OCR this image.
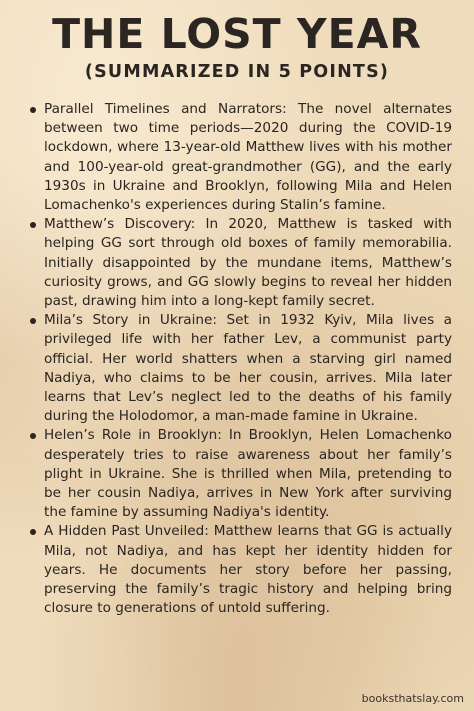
THE LOST YEAR
(SUMMARIZED IN 5 POINTS)
Parallel Timelines and Narrators: The novel alternates between two time periods—2020 during the COVID-19 lockdown, where 13-year-old Matthew lives with his mother and 100-year-old great-grandmother (GG), and the early 1930s in Ukraine and Brooklyn, following Mila and Helen Lomachenko's experiences during Stalin’s famine.
Matthew’s Discovery: In 2020, Matthew is tasked with helping GG sort through old boxes of family memorabilia. Initially disappointed by the mundane items, Matthew’s curiosity grows, and GG slowly begins to reveal her hidden past, drawing him into a long-kept family secret.
Mila’s Story in Ukraine: Set in 1932 Kyiv, Mila lives a privileged life with her father Lev, a communist party official. Her world shatters when a starving girl named Nadiya, who claims to be her cousin, arrives. Mila later learns that Lev’s neglect led to the deaths of his family during the Holodomor, a man-made famine in Ukraine.
Helen’s Role in Brooklyn: In Brooklyn, Helen Lomachenko desperately tries to raise awareness about her family’s plight in Ukraine. She is thrilled when Mila, pretending to be her cousin Nadiya, arrives in New York after surviving the famine by assuming Nadiya's identity.
A Hidden Past Unveiled: Matthew learns that GG is actually Mila, not Nadiya, and has kept her identity hidden for years. He documents her story before her passing, preserving the family’s tragic history and helping bring closure to generations of untold suffering.
booksthatslay.com
